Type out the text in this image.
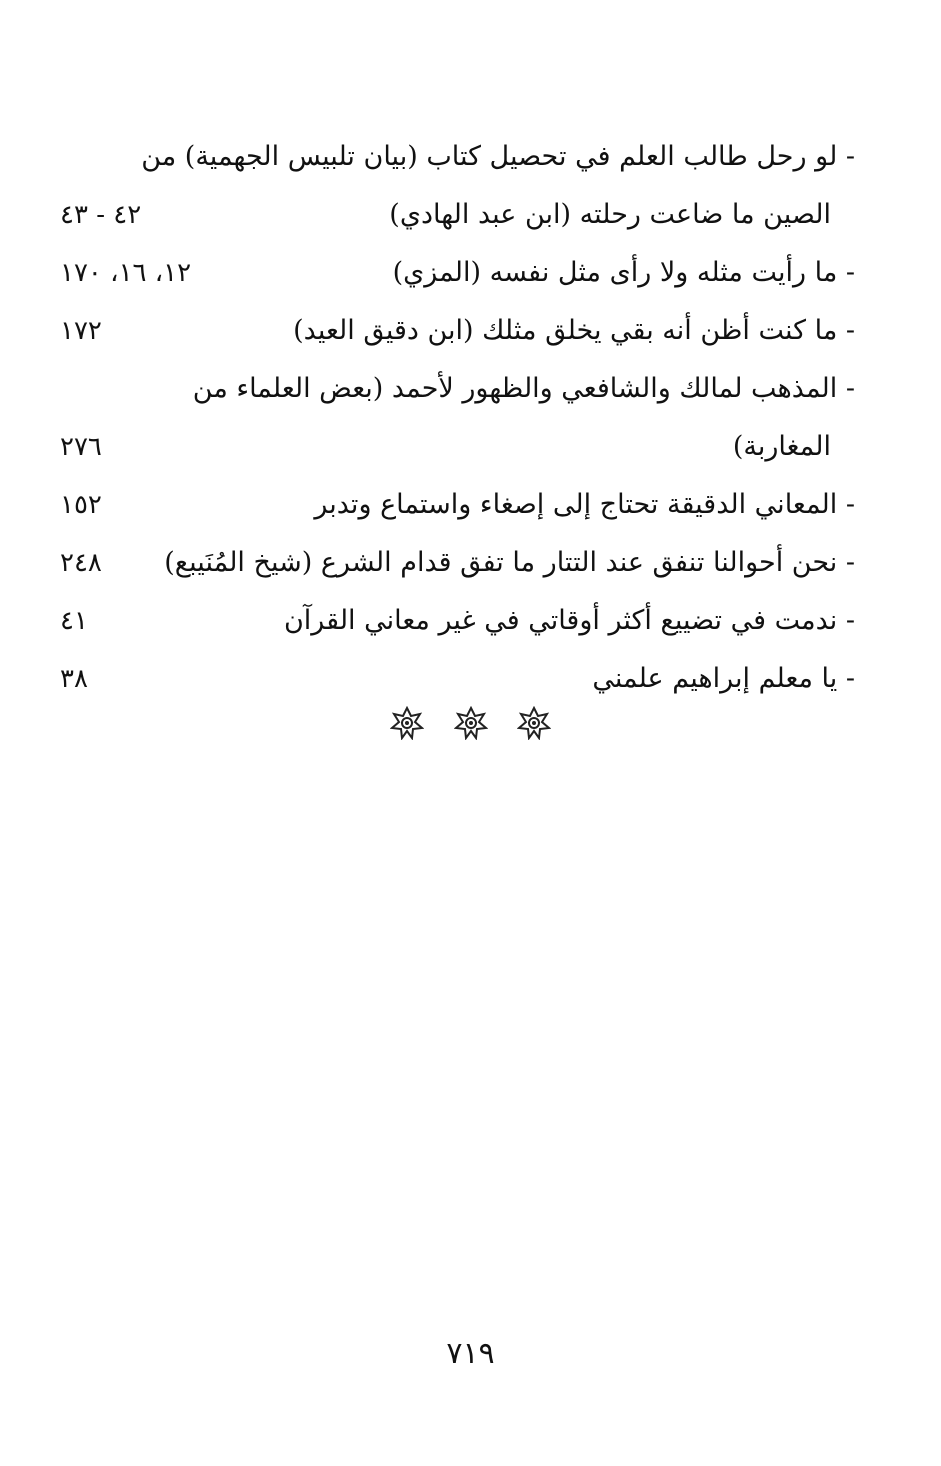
- لو رحل طالب العلم في تحصيل كتاب (بيان تلبيس الجهمية) من
الصين ما ضاعت رحلته (ابن عبد الهادي)
٤٢ - ٤٣
- ما رأيت مثله ولا رأى مثل نفسه (المزي)
١٢، ١٦، ١٧٠
- ما كنت أظن أنه بقي يخلق مثلك (ابن دقيق العيد)
١٧٢
- المذهب لمالك والشافعي والظهور لأحمد (بعض العلماء من
المغاربة)
٢٧٦
- المعاني الدقيقة تحتاج إلى إصغاء واستماع وتدبر
١٥٢
- نحن أحوالنا تنفق عند التتار ما تفق قدام الشرع (شيخ المُنَيبع)
٢٤٨
- ندمت في تضييع أكثر أوقاتي في غير معاني القرآن
٤١
- يا معلم إبراهيم علمني
٣٨

٧١٩
